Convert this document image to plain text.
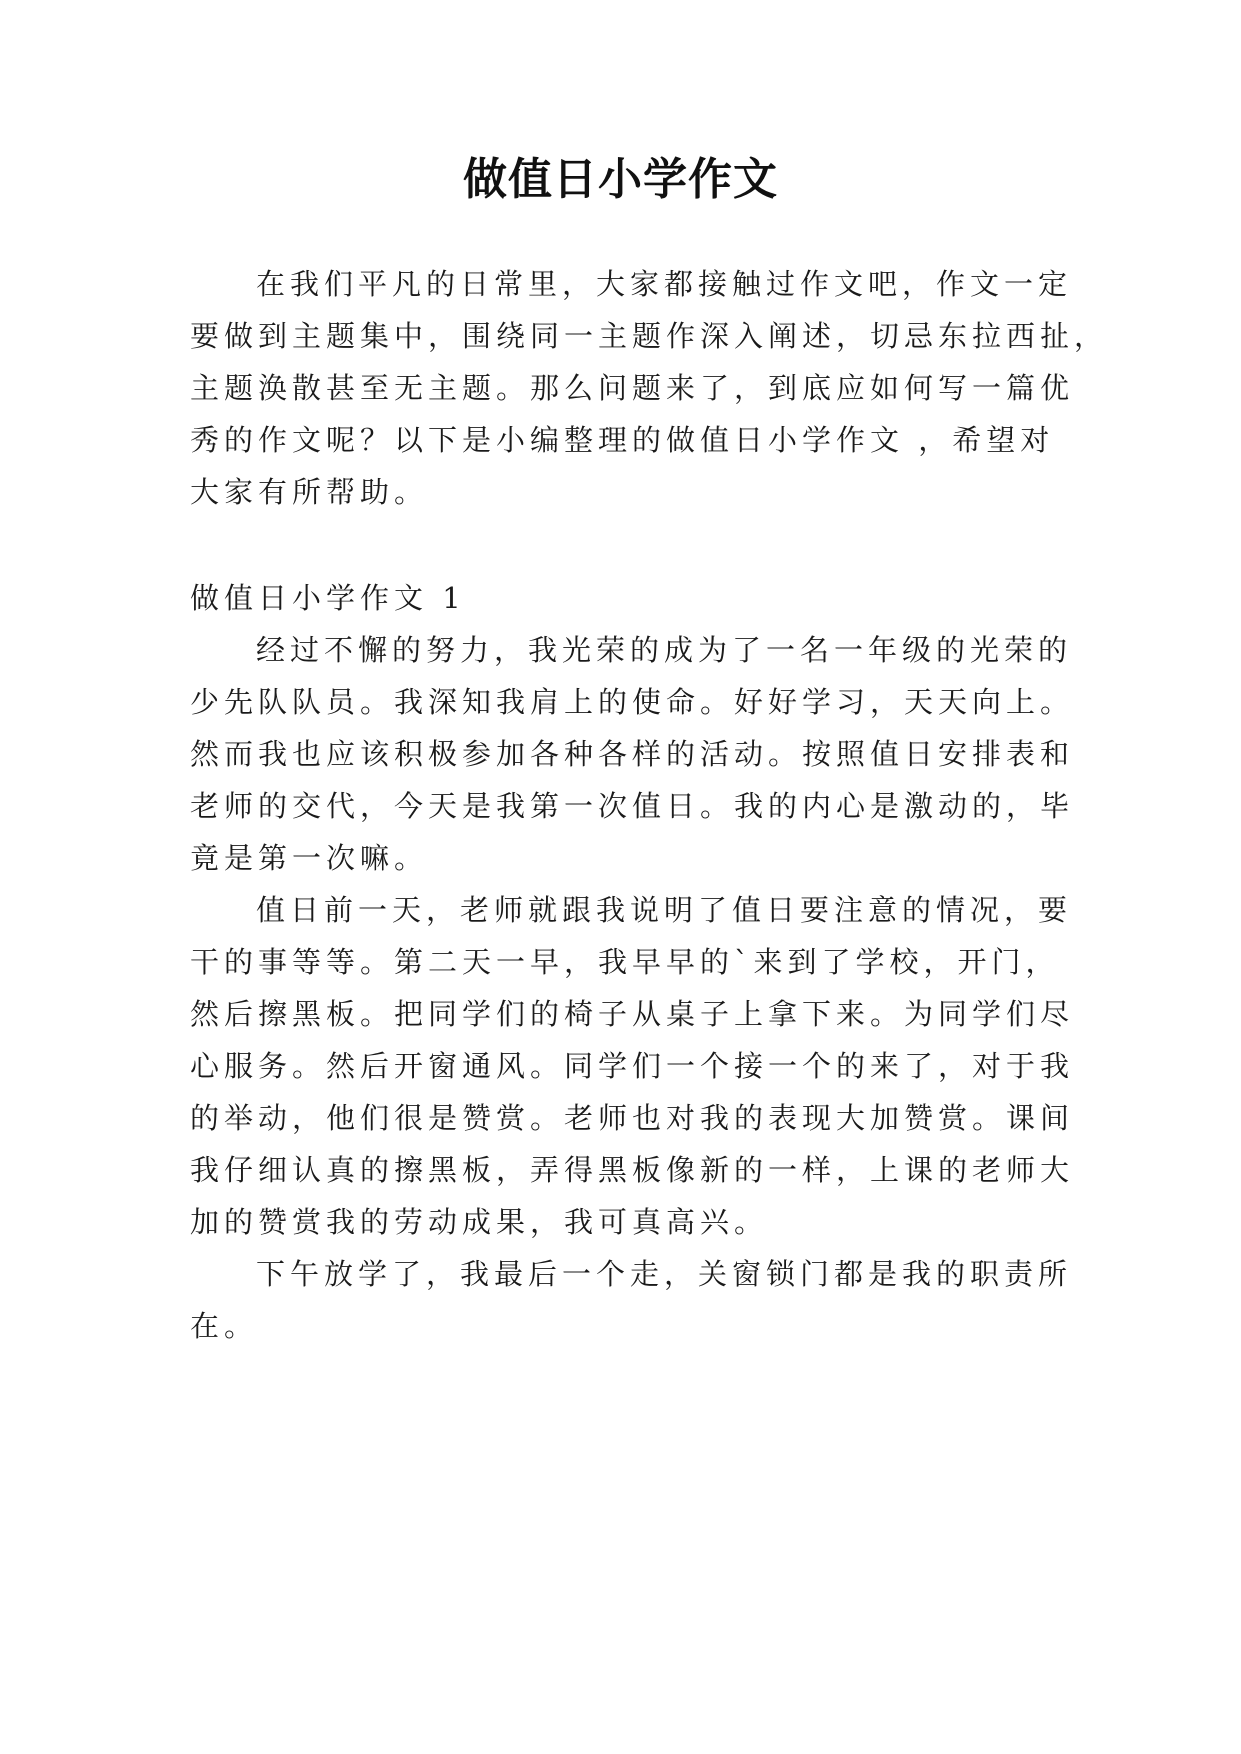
做值日小学作文
在我们平凡的日常里，大家都接触过作文吧，作文一定
要做到主题集中，围绕同一主题作深入阐述，切忌东拉西扯，
主题涣散甚至无主题。那么问题来了，到底应如何写一篇优
秀的作文呢？以下是小编整理的做值日小学作文 ，希望对
大家有所帮助。
做值日小学作文 1
经过不懈的努力，我光荣的成为了一名一年级的光荣的
少先队队员。我深知我肩上的使命。好好学习，天天向上。
然而我也应该积极参加各种各样的活动。按照值日安排表和
老师的交代，今天是我第一次值日。我的内心是激动的，毕
竟是第一次嘛。
值日前一天，老师就跟我说明了值日要注意的情况，要
干的事等等。第二天一早，我早早的`来到了学校，开门，
然后擦黑板。把同学们的椅子从桌子上拿下来。为同学们尽
心服务。然后开窗通风。同学们一个接一个的来了，对于我
的举动，他们很是赞赏。老师也对我的表现大加赞赏。课间
我仔细认真的擦黑板，弄得黑板像新的一样，上课的老师大
加的赞赏我的劳动成果，我可真高兴。
下午放学了，我最后一个走，关窗锁门都是我的职责所
在。
